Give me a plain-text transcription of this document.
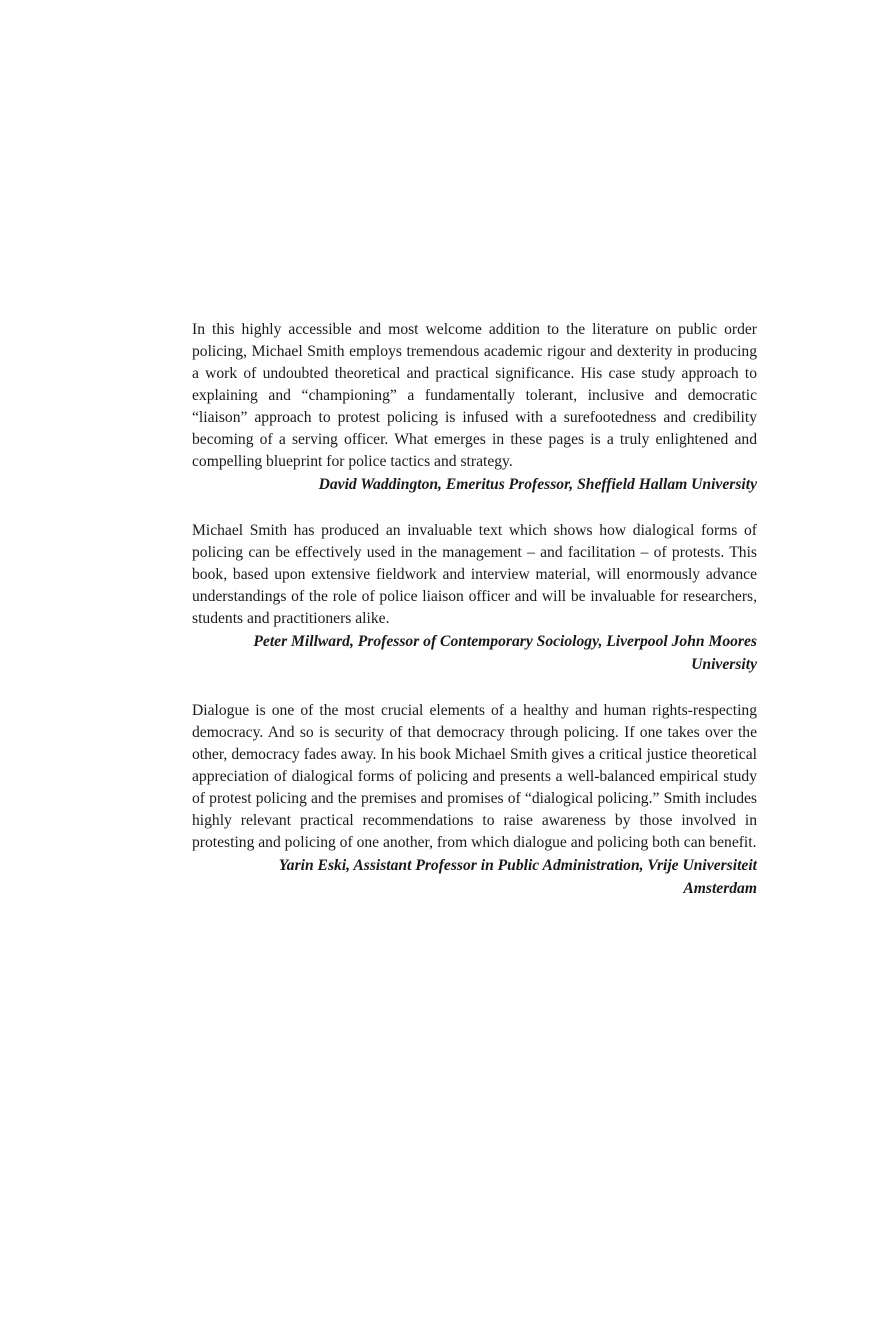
In this highly accessible and most welcome addition to the literature on public order policing, Michael Smith employs tremendous academic rigour and dexterity in producing a work of undoubted theoretical and practical significance. His case study approach to explaining and “championing” a fundamentally tolerant, inclusive and democratic “liaison” approach to protest policing is infused with a surefootedness and credibility becoming of a serving officer. What emerges in these pages is a truly enlightened and compelling blueprint for police tactics and strategy.

David Waddington, Emeritus Professor, Sheffield Hallam University

Michael Smith has produced an invaluable text which shows how dialogical forms of policing can be effectively used in the management – and facilitation – of protests. This book, based upon extensive fieldwork and interview material, will enormously advance understandings of the role of police liaison officer and will be invaluable for researchers, students and practitioners alike.

Peter Millward, Professor of Contemporary Sociology, Liverpool John Moores University

Dialogue is one of the most crucial elements of a healthy and human rights-respecting democracy. And so is security of that democracy through policing. If one takes over the other, democracy fades away. In his book Michael Smith gives a critical justice theoretical appreciation of dialogical forms of policing and presents a well-balanced empirical study of protest policing and the premises and promises of “dialogical policing.” Smith includes highly relevant practical recommendations to raise awareness by those involved in protesting and policing of one another, from which dialogue and policing both can benefit.

Yarin Eski, Assistant Professor in Public Administration, Vrije Universiteit Amsterdam
